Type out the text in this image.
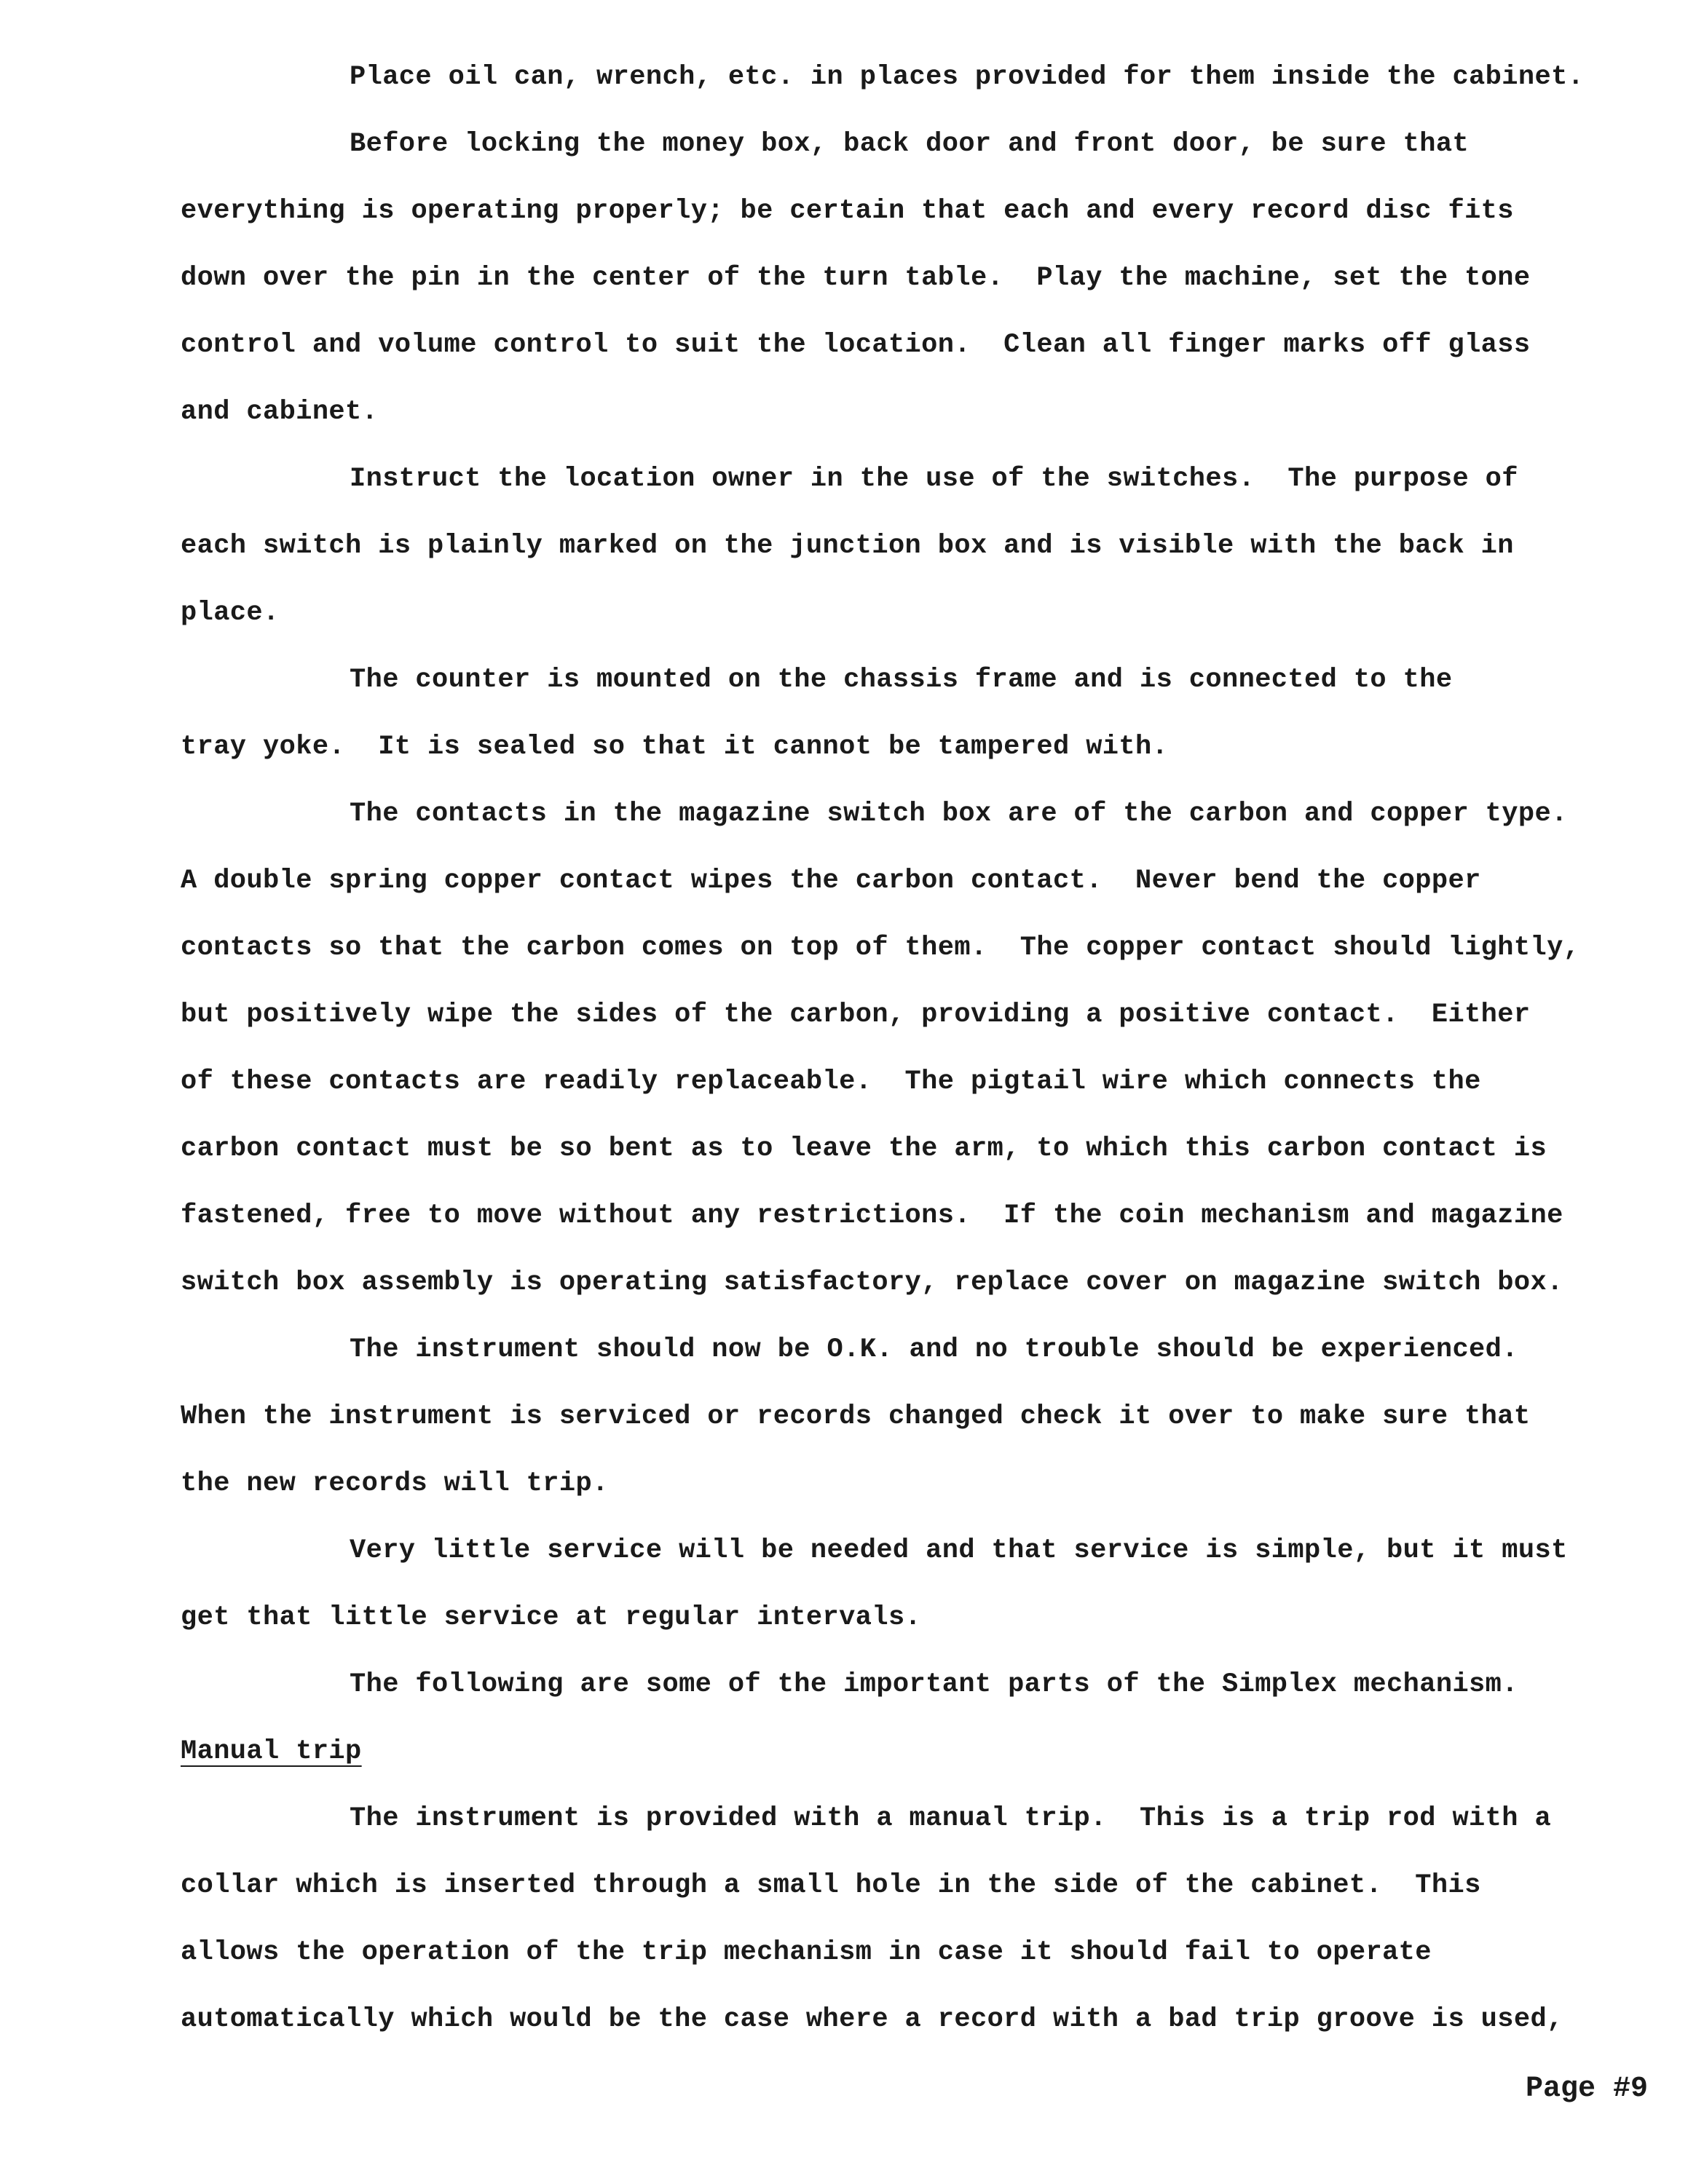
Place oil can, wrench, etc. in places provided for them inside the cabinet.
Before locking the money box, back door and front door, be sure that
everything is operating properly; be certain that each and every record disc fits
down over the pin in the center of the turn table.  Play the machine, set the tone
control and volume control to suit the location.  Clean all finger marks off glass
and cabinet.
Instruct the location owner in the use of the switches.  The purpose of
each switch is plainly marked on the junction box and is visible with the back in
place.
The counter is mounted on the chassis frame and is connected to the
tray yoke.  It is sealed so that it cannot be tampered with.
The contacts in the magazine switch box are of the carbon and copper type.
A double spring copper contact wipes the carbon contact.  Never bend the copper
contacts so that the carbon comes on top of them.  The copper contact should lightly,
but positively wipe the sides of the carbon, providing a positive contact.  Either
of these contacts are readily replaceable.  The pigtail wire which connects the
carbon contact must be so bent as to leave the arm, to which this carbon contact is
fastened, free to move without any restrictions.  If the coin mechanism and magazine
switch box assembly is operating satisfactory, replace cover on magazine switch box.
The instrument should now be O.K. and no trouble should be experienced.
When the instrument is serviced or records changed check it over to make sure that
the new records will trip.
Very little service will be needed and that service is simple, but it must
get that little service at regular intervals.
The following are some of the important parts of the Simplex mechanism.
Manual trip
The instrument is provided with a manual trip.  This is a trip rod with a
collar which is inserted through a small hole in the side of the cabinet.  This
allows the operation of the trip mechanism in case it should fail to operate
automatically which would be the case where a record with a bad trip groove is used,
Page #9
